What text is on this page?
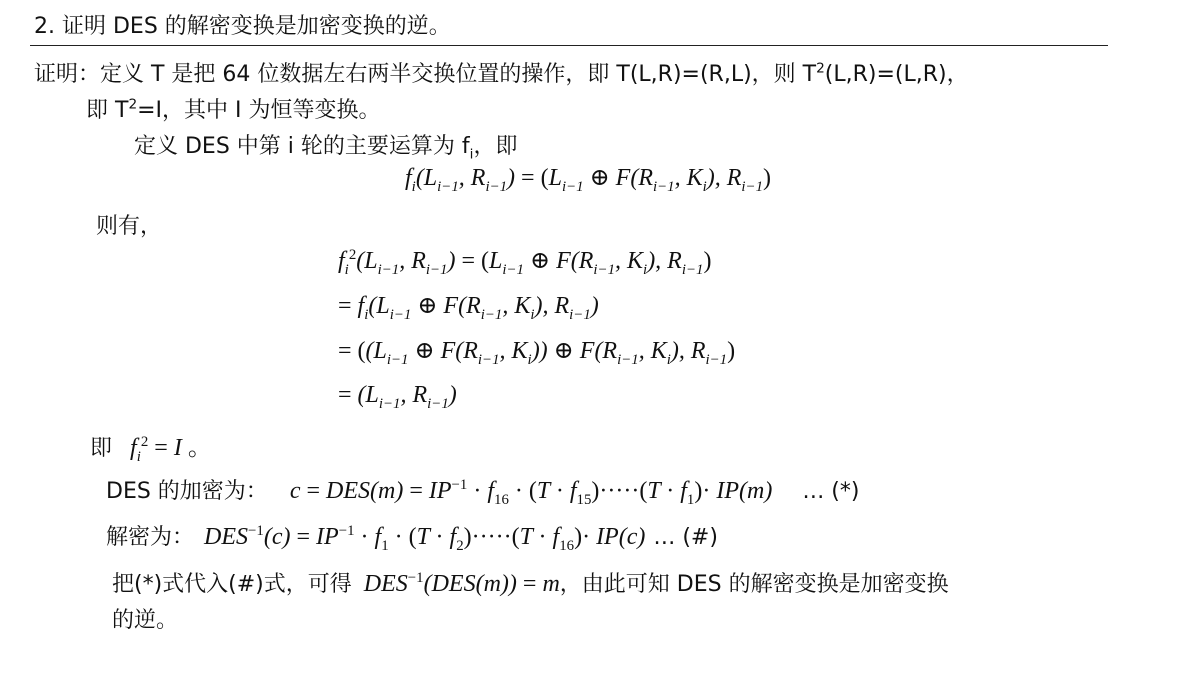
2. 证明 DES 的解密变换是加密变换的逆。
证明：定义 T 是把 64 位数据左右两半交换位置的操作，即 T(L,R)=(R,L)，则 $T^2(L,R)=(L,R)$，
即 $T^2=I$，其中 I 为恒等变换。
定义 DES 中第 i 轮的主要运算为 $f_i$，即
$f_i(L_{i-1}$, $R_{i-1}) = (L_{i-1}$ ⊕ $F(R_{i-1}$, $K_i$), $R_{i-1}$)
则有，
$f_i^2(L_{i-1}$, $R_{i-1}) = (L_{i-1}$ ⊕ $F(R_{i-1}$, $K_i$), $R_{i-1}$)
= $f_i(L_{i-1}$ ⊕ $F(R_{i-1}$, $K_i$), $R_{i-1}$)
= (($L_{i-1}$ ⊕ $F(R_{i-1}$, $K_i$)) ⊕ $F(R_{i-1}$, $K_i$), $R_{i-1}$)
= ($L_{i-1}$, $R_{i-1}$)
即 $f_i^2 = I$ 。
DES 的加密为： $c = DES(m) = IP^{-1} \cdot f_{16} \cdot (T \cdot f_{15})\cdot\cdot\cdot\cdot\cdot(T \cdot f_1)\cdot IP(m)$ … (*)
解密为： $DES^{-1}(c) = IP^{-1} \cdot f_1 \cdot (T \cdot f_2)\cdot\cdot\cdot\cdot\cdot(T \cdot f_{16})\cdot IP(c)$ … (#)
把(*)式代入(#)式，可得 $DES^{-1}(DES(m)) = m$，由此可知 DES 的解密变换是加密变换
的逆。
